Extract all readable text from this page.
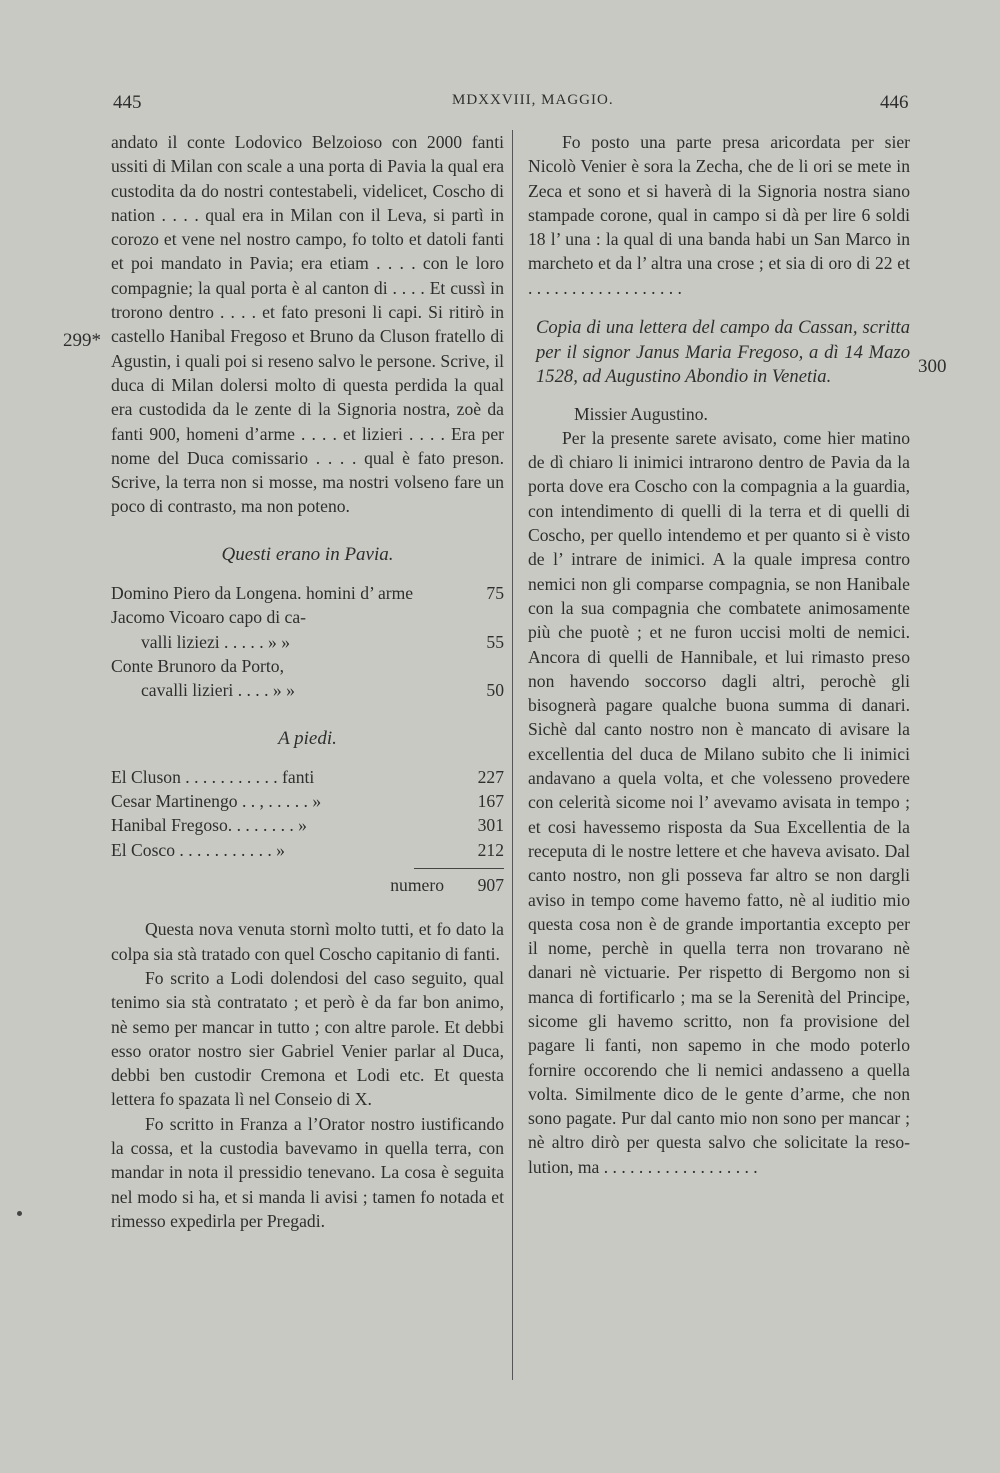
445	MDXXVIII, MAGGIO.	446
299*
300

andato il conte Lodovico Belzoioso con 2000 fanti ussiti di Milan con scale a una porta di Pavia la qual era custodita da do nostri contestabeli, videlicet, Coscho di nation . . . . qual era in Milan con il Leva, si partì in corozo et vene nel nostro campo, fo tolto et datoli fanti et poi mandato in Pavia; era etiam . . . . con le loro compagnie; la qual porta è al canton di . . . . Et cussì in trorono dentro . . . . et fato presoni li capi. Si ritirò in castello Hanibal Fregoso et Bruno da Cluson fratello di Agustin, i quali poi si reseno salvo le persone. Scrive, il duca di Milan dolersi molto di questa perdida la qual era custodida da le zente di la Signoria nostra, zoè da fanti 900, homeni d’arme . . . . et lizieri . . . . Era per nome del Duca comissario . . . . qual è fato preson. Scrive, la terra non si mosse, ma nostri volseno fare un poco di contrasto, ma non poteno.

Questi erano in Pavia.
Domino Piero da Longena. homini d’ arme	75
Jacomo Vicoaro capo di ca-
valli liziezi . . . . . » »	55
Conte Brunoro da Porto,
cavalli lizieri . . . . » »	50
A piedi.
El Cluson . . . . . . . . . . . fanti	227
Cesar Martinengo . . , . . . . . »	167
Hanibal Fregoso. . . . . . . . »	301
El Cosco . . . . . . . . . . . »	212
numero	907

Questa nova venuta stornì molto tutti, et fo dato la colpa sia stà tratado con quel Coscho capitanio di fanti.

Fo scrito a Lodi dolendosi del caso seguito, qual tenimo sia stà contratato ; et però è da far bon animo, nè semo per mancar in tutto ; con altre parole. Et debbi esso orator nostro sier Gabriel Venier parlar al Duca, debbi ben custodir Cremona et Lodi etc. Et questa lettera fo spazata lì nel Conseio di X.

Fo scritto in Franza a l’Orator nostro iustificando la cossa, et la custodia bavevamo in quella terra, con mandar in nota il pressidio tenevano. La cosa è seguita nel modo si ha, et si manda li avisi ; tamen fo notada et rimesso expedirla per Pregadi.

Fo posto una parte presa aricordata per sier Nicolò Venier è sora la Zecha, che de li ori se mete in Zeca et sono et si haverà di la Signoria nostra siano stampade corone, qual in campo si dà per lire 6 soldi 18 l’ una : la qual di una banda habi un San Marco in marcheto et da l’ altra una crose ; et sia di oro di 22 et . . . . . . . . . . . . . . . . . .

Copia di una lettera del campo da Cassan, scritta per il signor Janus Maria Fregoso, a dì 14 Mazo 1528, ad Augustino Abondio in Venetia.

Missier Augustino.

Per la presente sarete avisato, come hier matino de dì chiaro li inimici intrarono dentro de Pavia da la porta dove era Coscho con la compagnia a la guardia, con intendimento di quelli di la terra et di quelli di Coscho, per quello intendemo et per quanto si è visto de l’ intrare de inimici. A la quale impresa contro nemici non gli comparse compagnia, se non Hanibale con la sua compagnia che combatete animosamente più che puotè ; et ne furon uccisi molti de nemici. Ancora di quelli de Hannibale, et lui rimasto preso non havendo soccorso dagli altri, perochè gli bisognerà pagare qualche buona summa di danari. Sichè dal canto nostro non è mancato di avisare la excellentia del duca de Milano subito che li inimici andavano a quela volta, et che volesseno provedere con celerità sicome noi l’ avevamo avisata in tempo ; et cosi havessemo risposta da Sua Excellentia de la receputa di le nostre lettere et che haveva avisato. Dal canto nostro, non gli posseva far altro se non dargli aviso in tempo come havemo fatto, nè al iuditio mio questa cosa non è de grande importantia excepto per il nome, perchè in quella terra non trovarano nè danari nè victuarie. Per rispetto di Bergomo non si manca di fortificarlo ; ma se la Serenità del Principe, sicome gli havemo scritto, non fa provisione del pagare li fanti, non sapemo in che modo poterlo fornire occorendo che li nemici andasseno a quella volta. Similmente dico de le gente d’arme, che non sono pagate. Pur dal canto mio non sono per mancar ; nè altro dirò per questa salvo che solicitate la resolution, ma . . . . . . . . . . . . . . . . . .
